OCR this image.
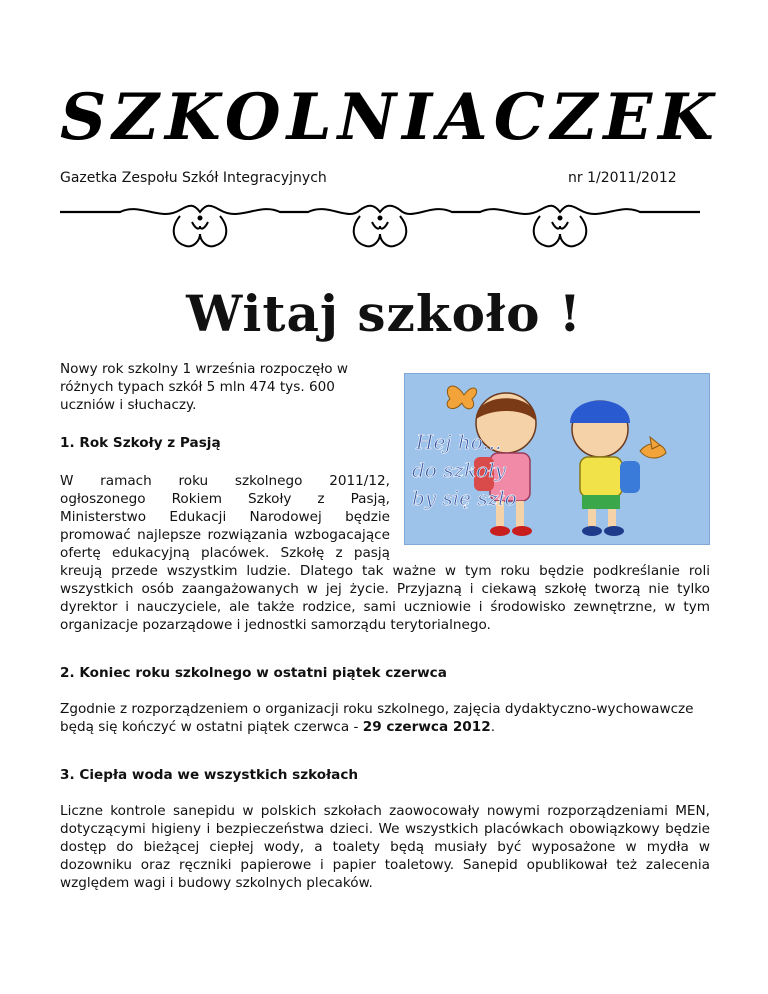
SZKOLNIACZEK
Gazetka Zespołu Szkół Integracyjnych	nr 1/2011/2012
Witaj szkoło !
Hej ho...
do szkoły
by się szło

Nowy rok szkolny 1 września rozpoczęło w różnych typach szkół 5 mln 474 tys. 600 uczniów i słuchaczy.

1. Rok Szkoły z Pasją

W ramach roku szkolnego 2011/12, ogłoszonego Rokiem Szkoły z Pasją, Ministerstwo Edukacji Narodowej będzie promować najlepsze rozwiązania wzbogacające ofertę edukacyjną placówek. Szkołę z pasją kreują przede wszystkim ludzie. Dlatego tak ważne w tym roku będzie podkreślanie roli wszystkich osób zaangażowanych w jej życie. Przyjazną i ciekawą szkołę tworzą nie tylko dyrektor i nauczyciele, ale także rodzice, sami uczniowie i środowisko zewnętrzne, w tym organizacje pozarządowe i jednostki samorządu terytorialnego.

2. Koniec roku szkolnego w ostatni piątek czerwca

Zgodnie z rozporządzeniem o organizacji roku szkolnego, zajęcia dydaktyczno-wychowawcze będą się kończyć w ostatni piątek czerwca - 29 czerwca 2012.

3. Ciepła woda we wszystkich szkołach

Liczne kontrole sanepidu w polskich szkołach zaowocowały nowymi rozporządzeniami MEN, dotyczącymi higieny i bezpieczeństwa dzieci. We wszystkich placówkach obowiązkowy będzie dostęp do bieżącej ciepłej wody, a toalety będą musiały być wyposażone w mydła w dozowniku oraz ręczniki papierowe i papier toaletowy. Sanepid opublikował też zalecenia względem wagi i budowy szkolnych plecaków.
